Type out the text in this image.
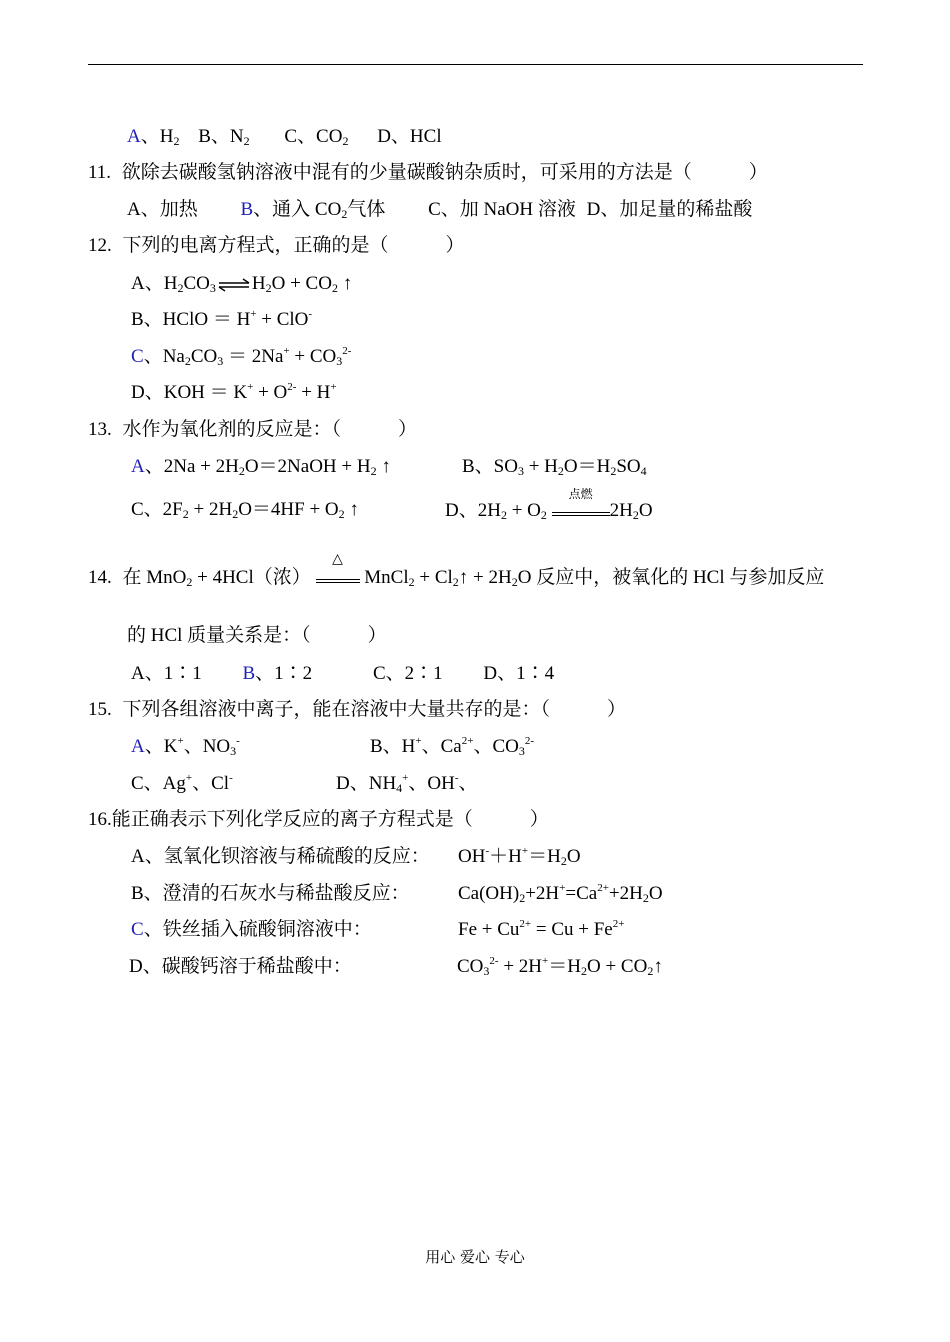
A、$H_2$ B、$N_2$ C、$CO_2$ D、HCl
11. 欲除去碳酸氢钠溶液中混有的少量碳酸钠杂质时，可采用的方法是（　　　）
A、加热 B、通入 $CO_2$气体 C、加 NaOH 溶液 D、加足量的稀盐酸
12. 下列的电离方程式，正确的是（　　　）
A、$H_2CO_3\rightleftharpoons H_2O + CO_2$ ↑
B、HClO ＝ H+ + ClO-
C、$Na_2CO_3 = 2Na^+ + CO_3^{2-}$
D、KOH ＝ $K^+ + O^{2-} + H^+$
13. 水作为氧化剂的反应是：（　　　）
A、$2Na + 2H_2O=2NaOH + H_2$ ↑	B、$SO_3 + H_2O=H_2SO_4$
C、$2F_2 + 2H_2O=4HF + O_2$ ↑	D、$2H_2 + O_2$
点燃
$2H_2O$
14. 在 MnO$_2$ + 4HCl（浓）
△
MnCl$_2$ + $Cl_2↑ + 2H_2O$ 反应中，被氧化的 HCl 与参加反应
的 HCl 质量关系是：（　　　）
A、1∶1 B、1∶2	C、2∶1 D、1∶4
15. 下列各组溶液中离子，能在溶液中大量共存的是：（　　　）
A、K+、$NO_3^-$	B、H+、$Ca^{2+}$、$CO_3^{2-}$
C、Ag+、Cl-	D、$NH_4^+$、OH-、
16.能正确表示下列化学反应的离子方程式是（　　　）
A、氢氧化钡溶液与稀硫酸的反应： $OH^-+H^+=H_2O$
B、澄清的石灰水与稀盐酸反应：	$Ca(OH)_2+2H^+=Ca^{2+}+2H_2O$
C、铁丝插入硫酸铜溶液中：	$Fe + Cu^{2+} = Cu + Fe^{2+}$
D、碳酸钙溶于稀盐酸中：	$CO_3^{2-} + 2H^+=H_2O$ + $CO_2↑$
用心 爱心 专心
